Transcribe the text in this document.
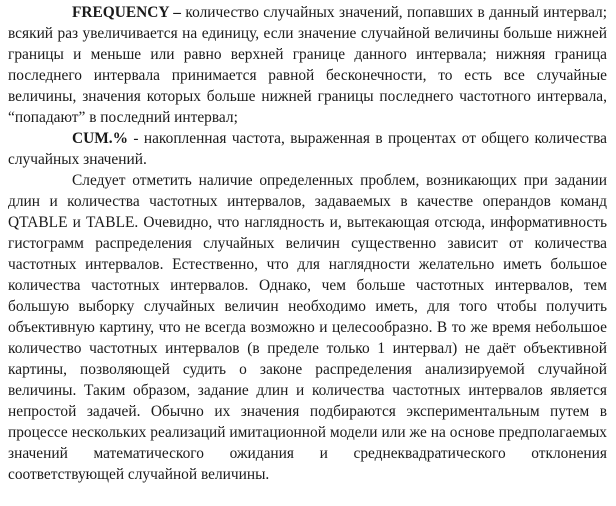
FREQUENCY – количество случайных значений, попавших в данный интервал; всякий раз увеличивается на единицу, если значение случайной величины больше нижней границы и меньше или равно верхней границе данного интервала; нижняя граница последнего интервала принимается равной бесконечности, то есть все случайные величины, значения которых больше нижней границы последнего частотного интервала, “попадают” в последний интервал;

CUM.% - накопленная частота, выраженная в процентах от общего количества случайных значений.

Следует отметить наличие определенных проблем, возникающих при задании длин и количества частотных интервалов, задаваемых в качестве операндов команд QTABLE и TABLE. Очевидно, что наглядность и, вытекающая отсюда, информативность гистограмм распределения случайных величин существенно зависит от количества частотных интервалов. Естественно, что для наглядности желательно иметь большое количества частотных интервалов. Однако, чем больше частотных интервалов, тем большую выборку случайных величин необходимо иметь, для того чтобы получить объективную картину, что не всегда возможно и целесообразно. В то же время небольшое количество частотных интервалов (в пределе только 1 интервал) не даёт объективной картины, позволяющей судить о законе распределения анализируемой случайной величины. Таким образом, задание длин и количества частотных интервалов является непростой задачей. Обычно их значения подбираются экспериментальным путем в процессе нескольких реализаций имитационной модели или же на основе предполагаемых значений математического ожидания и среднеквадратического отклонения соответствующей случайной величины.
